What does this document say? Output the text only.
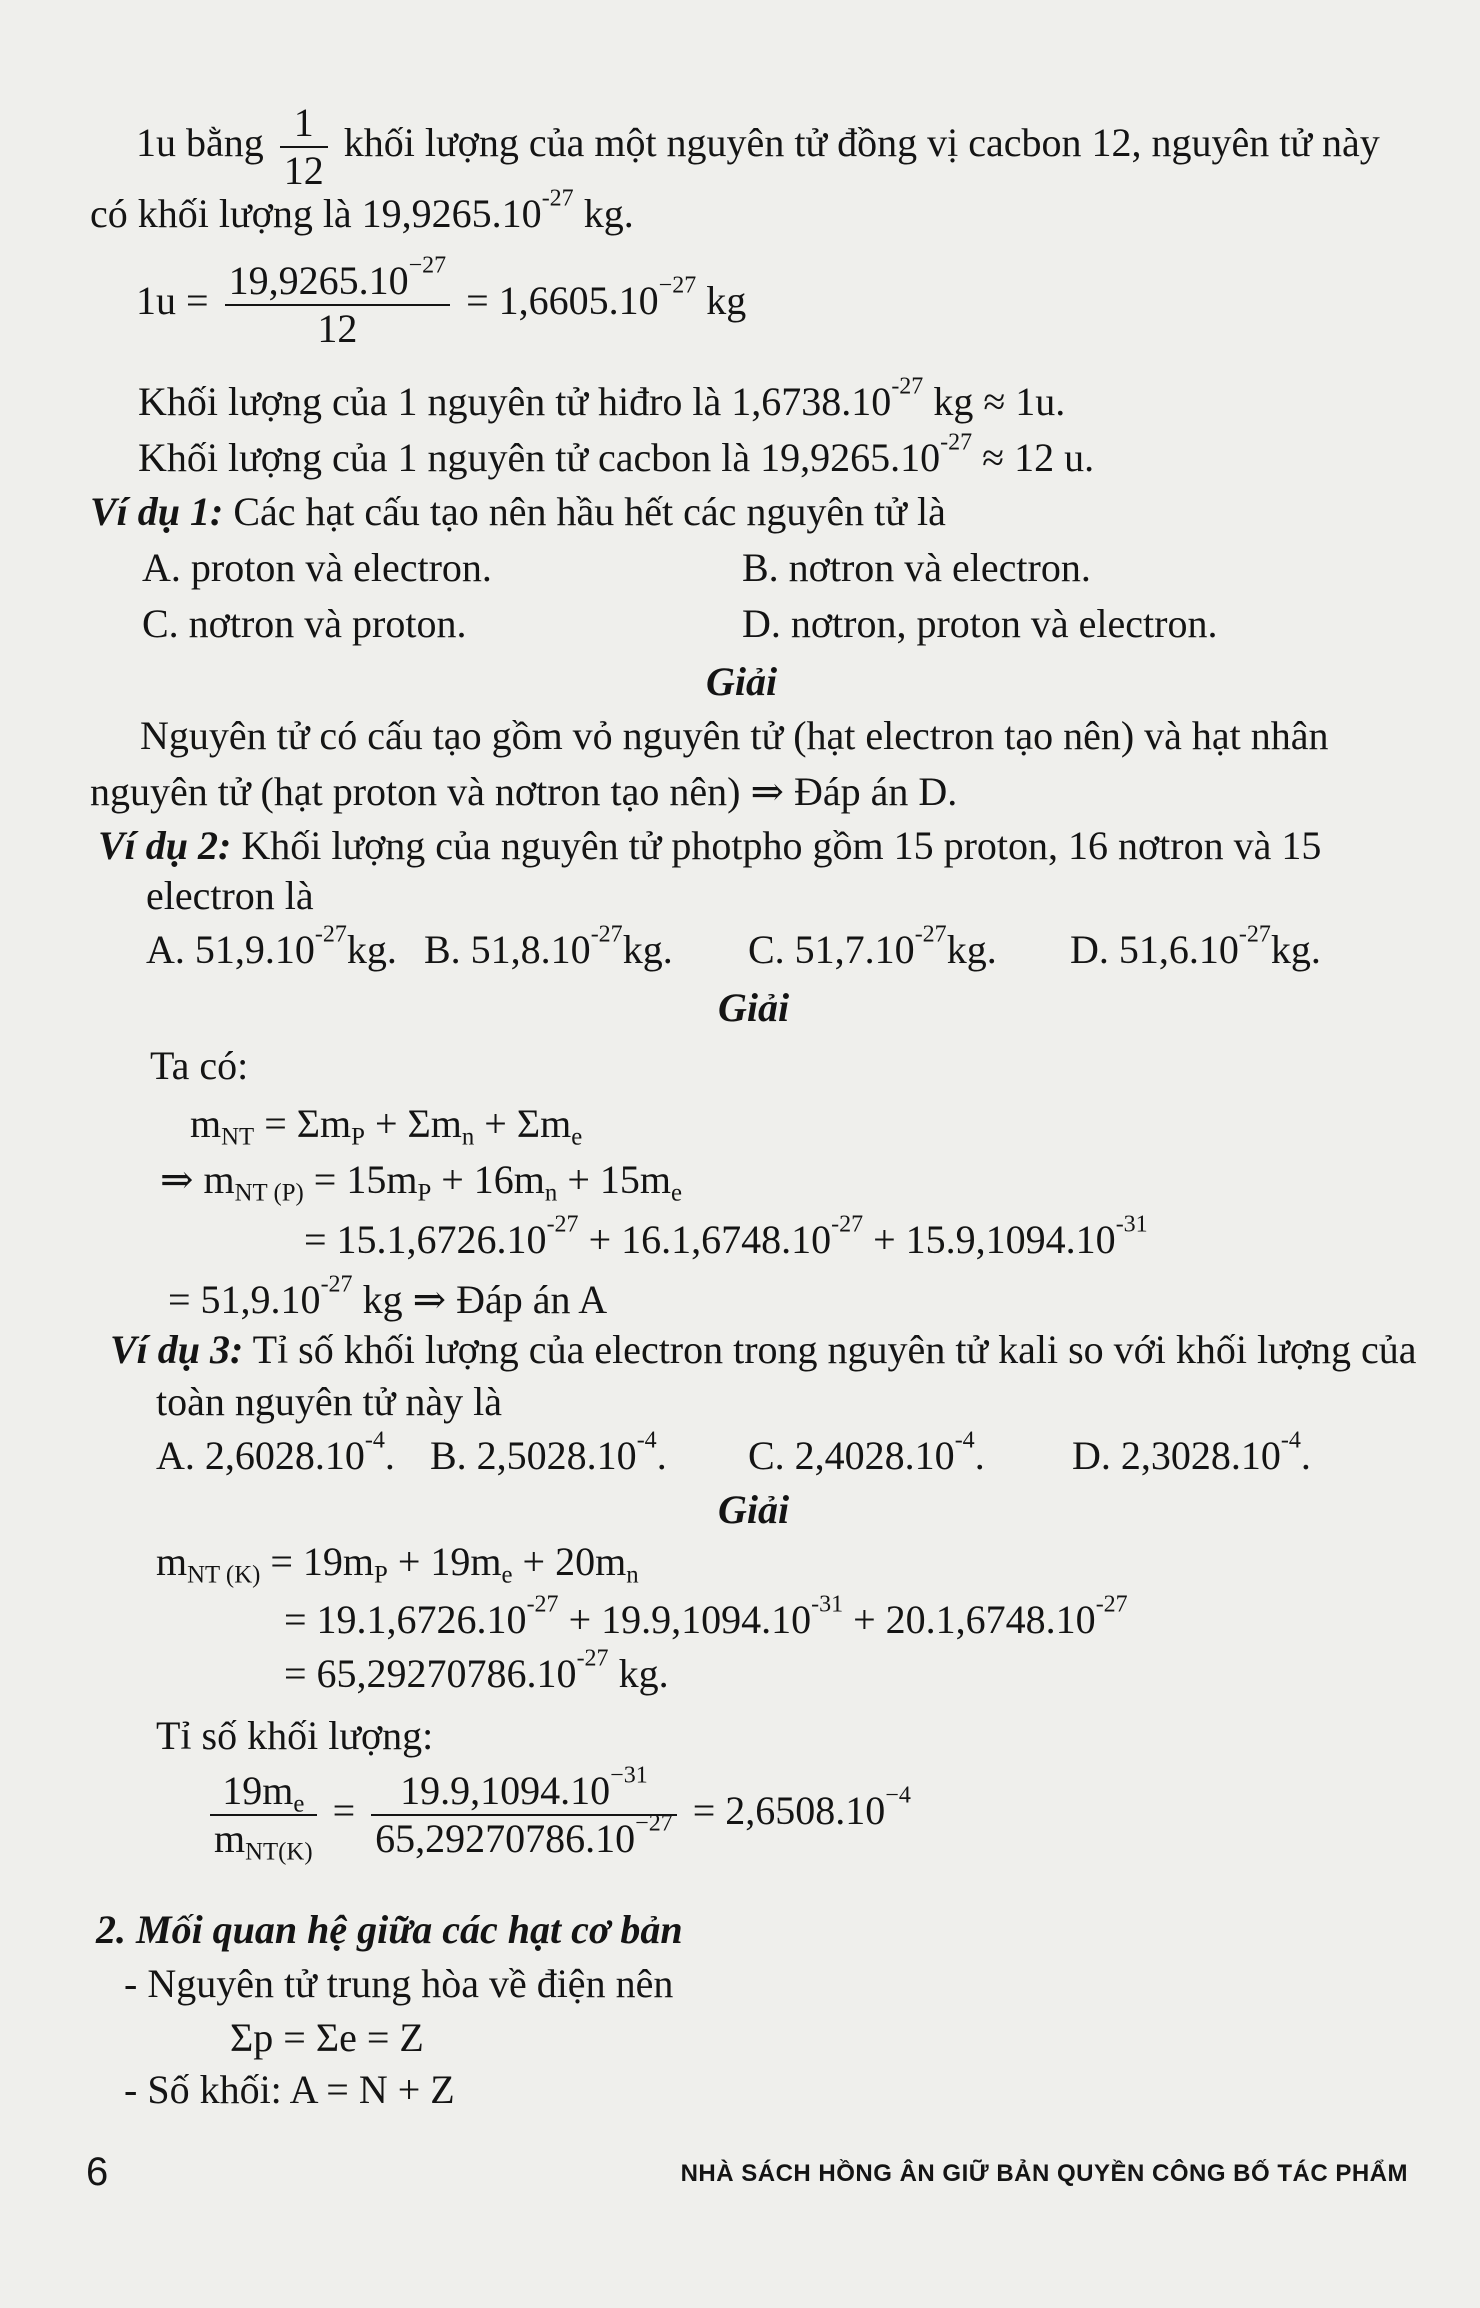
1u bằng $\frac{1}{12}$ khối lượng của một nguyên tử đồng vị cacbon 12, nguyên tử này
có khối lượng là $19,9265.10^{-27}$ kg.
$1u = \frac{19,9265.10^{-27}}{12} = 1,6605.10^{-27}$ kg
Khối lượng của 1 nguyên tử hiđro là $1,6738.10^{-27}$ kg ≈ 1u.
Khối lượng của 1 nguyên tử cacbon là $19,9265.10^{-27} \approx 12$ u.
Ví dụ 1: Các hạt cấu tạo nên hầu hết các nguyên tử là
A. proton và electron.	B. nơtron và electron.
C. nơtron và proton.	D. nơtron, proton và electron.
Giải
Nguyên tử có cấu tạo gồm vỏ nguyên tử (hạt electron tạo nên) và hạt nhân
nguyên tử (hạt proton và nơtron tạo nên) ⇒ Đáp án D.
Ví dụ 2: Khối lượng của nguyên tử photpho gồm 15 proton, 16 nơtron và 15
electron là
A. $51,9.10^{-27}kg$. B. $51,8.10^{-27}kg$. C. $51,7.10^{-27}kg$. D. $51,6.10^{-27}kg$.
Giải
Ta có:
$m_{NT} = \Sigma m_P + \Sigma m_n + \Sigma m_e$
⇒ $m_{NT (P)} = 15m_P + 16m_n + 15m_e$
= $15.1,6726.10^{-27} + 16.1,6748.10^{-27} + 15.9,1094.10^{-31}$
= $51,9.10^{-27}$ kg ⇒ Đáp án A
Ví dụ 3: Tỉ số khối lượng của electron trong nguyên tử kali so với khối lượng của
toàn nguyên tử này là
A. $2,6028.10^{-4}$. B. $2,5028.10^{-4}$. C. $2,4028.10^{-4}$. D. $2,3028.10^{-4}$.
Giải
$m_{NT (K)} = 19m_P + 19m_e + 20m_n$
= $19.1,6726.10^{-27} + 19.9,1094.10^{-31} + 20.1,6748.10^{-27}$
= $65,29270786.10^{-27}$ kg.
Tỉ số khối lượng:
$\frac{19m_e}{m_{NT(K)}} = \frac{19.9,1094.10^{-31}}{65,29270786.10^{-27}} = 2,6508.10^{-4}$
2. Mối quan hệ giữa các hạt cơ bản
- Nguyên tử trung hòa về điện nên
Σp = Σe = Z
- Số khối: A = N + Z
6	NHÀ SÁCH HỒNG ÂN GIỮ BẢN QUYỀN CÔNG BỐ TÁC PHẨM
